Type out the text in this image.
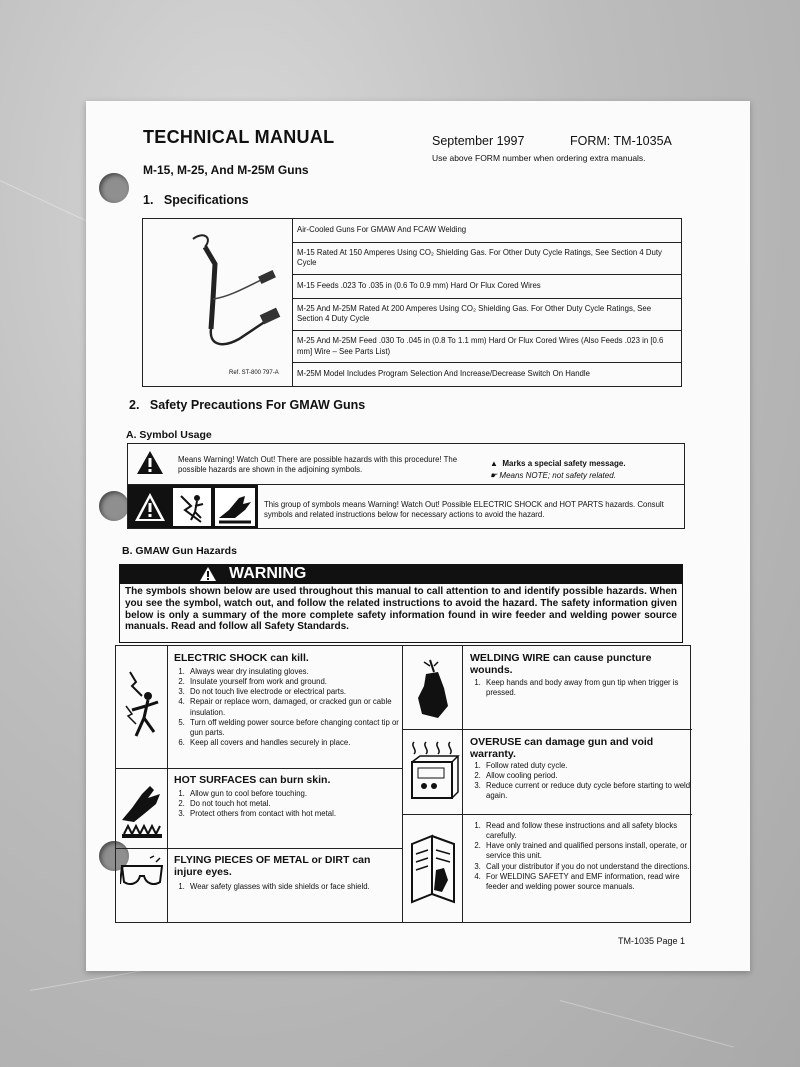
TECHNICAL MANUAL	September 1997	FORM: TM-1035A
Use above FORM number when ordering extra manuals.
M-15, M-25, And M-25M Guns
1. Specifications
Ref. ST-800 797-A
Air-Cooled Guns For GMAW And FCAW Welding
M-15 Rated At 150 Amperes Using CO₂ Shielding Gas. For Other Duty Cycle Ratings, See Section 4 Duty Cycle
M-15 Feeds .023 To .035 in (0.6 To 0.9 mm) Hard Or Flux Cored Wires
M-25 And M-25M Rated At 200 Amperes Using CO₂ Shielding Gas. For Other Duty Cycle Ratings, See Section 4 Duty Cycle
M-25 And M-25M Feed .030 To .045 in (0.8 To 1.1 mm) Hard Or Flux Cored Wires (Also Feeds .023 in [0.6 mm] Wire – See Parts List)
M-25M Model Includes Program Selection And Increase/Decrease Switch On Handle
2. Safety Precautions For GMAW Guns
A. Symbol Usage
Means Warning! Watch Out! There are possible hazards with this procedure! The possible hazards are shown in the adjoining symbols.
▲  Marks a special safety message.
☛ Means NOTE; not safety related.
This group of symbols means Warning! Watch Out! Possible ELECTRIC SHOCK and HOT PARTS hazards. Consult symbols and related instructions below for necessary actions to avoid the hazard.
B. GMAW Gun Hazards
WARNING
The symbols shown below are used throughout this manual to call attention to and identify possible hazards. When you see the symbol, watch out, and follow the related instructions to avoid the hazard. The safety information given below is only a summary of the more complete safety information found in wire feeder and welding power source manuals. Read and follow all Safety Standards.
ELECTRIC SHOCK can kill.
1. Always wear dry insulating gloves.
2. Insulate yourself from work and ground.
3. Do not touch live electrode or electrical parts.
4. Repair or replace worn, damaged, or cracked gun or cable insulation.
5. Turn off welding power source before changing contact tip or gun parts.
6. Keep all covers and handles securely in place.
HOT SURFACES can burn skin.
1. Allow gun to cool before touching.
2. Do not touch hot metal.
3. Protect others from contact with hot metal.
FLYING PIECES OF METAL or DIRT can injure eyes.
1. Wear safety glasses with side shields or face shield.
WELDING WIRE can cause puncture wounds.
1. Keep hands and body away from gun tip when trigger is pressed.
OVERUSE can damage gun and void warranty.
1. Follow rated duty cycle.
2. Allow cooling period.
3. Reduce current or reduce duty cycle before starting to weld again.
1. Read and follow these instructions and all safety blocks carefully.
2. Have only trained and qualified persons install, operate, or service this unit.
3. Call your distributor if you do not understand the directions.
4. For WELDING SAFETY and EMF information, read wire feeder and welding power source manuals.
TM-1035 Page 1
